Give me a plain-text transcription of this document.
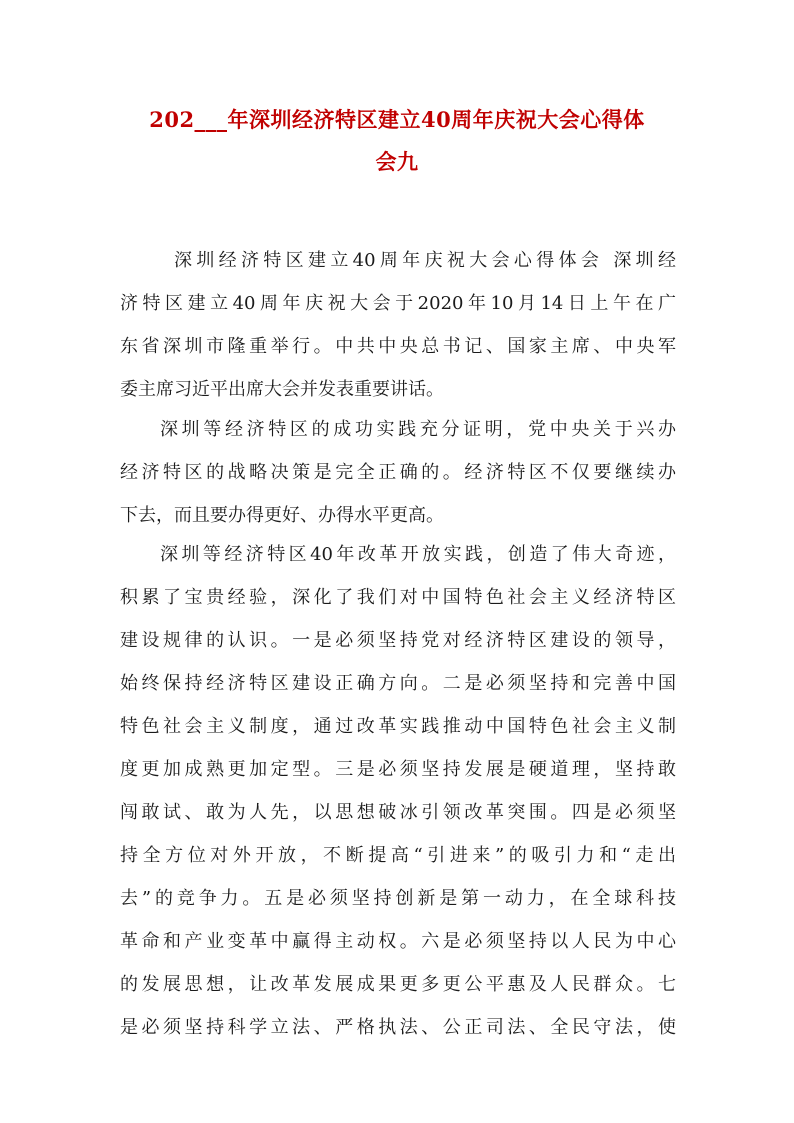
202___年深圳经济特区建立40周年庆祝大会心得体
会九
深圳经济特区建立40周年庆祝大会心得体会 深圳经
济特区建立40周年庆祝大会于2020年10月14日上午在广
东省深圳市隆重举行。中共中央总书记、国家主席、中央军
委主席习近平出席大会并发表重要讲话。
深圳等经济特区的成功实践充分证明，党中央关于兴办
经济特区的战略决策是完全正确的。经济特区不仅要继续办
下去，而且要办得更好、办得水平更高。
深圳等经济特区40年改革开放实践，创造了伟大奇迹，
积累了宝贵经验，深化了我们对中国特色社会主义经济特区
建设规律的认识。一是必须坚持党对经济特区建设的领导，
始终保持经济特区建设正确方向。二是必须坚持和完善中国
特色社会主义制度，通过改革实践推动中国特色社会主义制
度更加成熟更加定型。三是必须坚持发展是硬道理，坚持敢
闯敢试、敢为人先，以思想破冰引领改革突围。四是必须坚
持全方位对外开放，不断提高“引进来”的吸引力和“走出
去”的竞争力。五是必须坚持创新是第一动力，在全球科技
革命和产业变革中赢得主动权。六是必须坚持以人民为中心
的发展思想，让改革发展成果更多更公平惠及人民群众。七
是必须坚持科学立法、严格执法、公正司法、全民守法，使
